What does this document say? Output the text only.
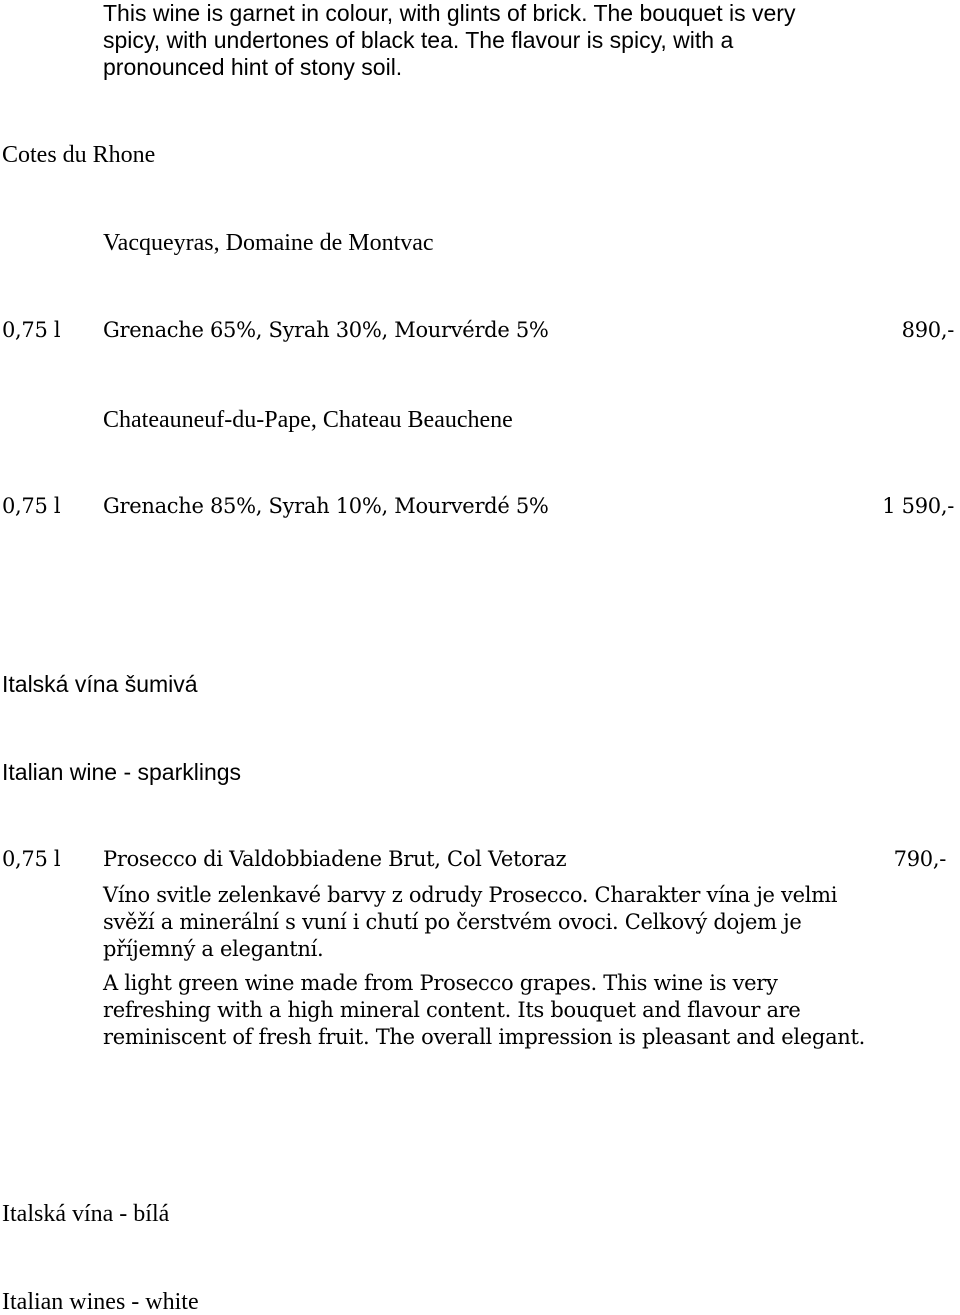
This wine is garnet in colour, with glints of brick. The bouquet is very
spicy, with undertones of black tea. The flavour is spicy, with a
pronounced hint of stony soil.
Cotes du Rhone
Vacqueyras, Domaine de Montvac
0,75 l Grenache 65%, Syrah 30%, Mourvérde 5%	890,-
Chateauneuf-du-Pape, Chateau Beauchene
0,75 l Grenache 85%, Syrah 10%, Mourverdé 5%	1 590,-
Italská vína šumivá
Italian wine - sparklings
0,75 l Prosecco di Valdobbiadene Brut, Col Vetoraz	790,-
Víno svitle zelenkavé barvy z odrudy Prosecco. Charakter vína je velmi
svěží a minerální s vuní i chutí po čerstvém ovoci. Celkový dojem je
příjemný a elegantní.
A light green wine made from Prosecco grapes. This wine is very
refreshing with a high mineral content. Its bouquet and flavour are
reminiscent of fresh fruit. The overall impression is pleasant and elegant.
Italská vína - bílá
Italian wines - white
